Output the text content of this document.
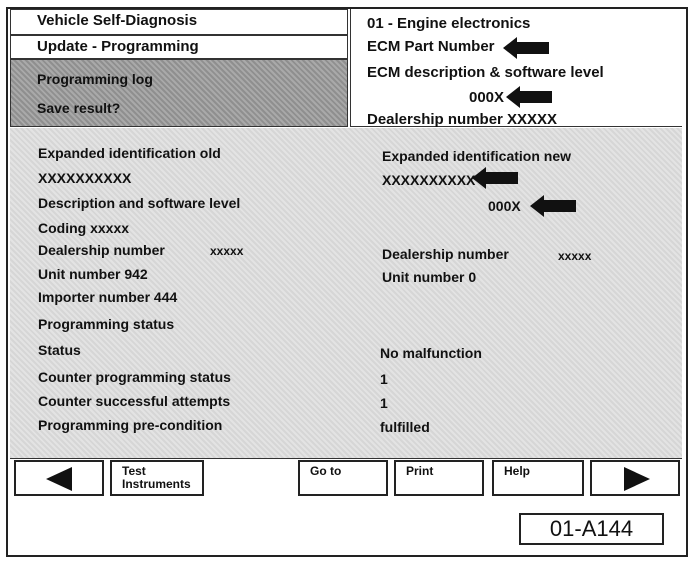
Vehicle Self-Diagnosis
Update - Programming
Programming log
Save result?
01 - Engine electronics
ECM Part Number
ECM description & software level
000X
Dealership number XXXXX
Expanded identification old
XXXXXXXXXX
Description and software level
Coding xxxxx
Dealership number	xxxxx
Unit number 942
Importer number 444
Expanded identification new
XXXXXXXXXX
000X
Dealership number	xxxxx
Unit number 0
Programming status
Status	No malfunction
Counter programming status	1
Counter successful attempts	1
Programming pre-condition	fulfilled
Test
Instruments
Go to	Print	Help
01-A144
